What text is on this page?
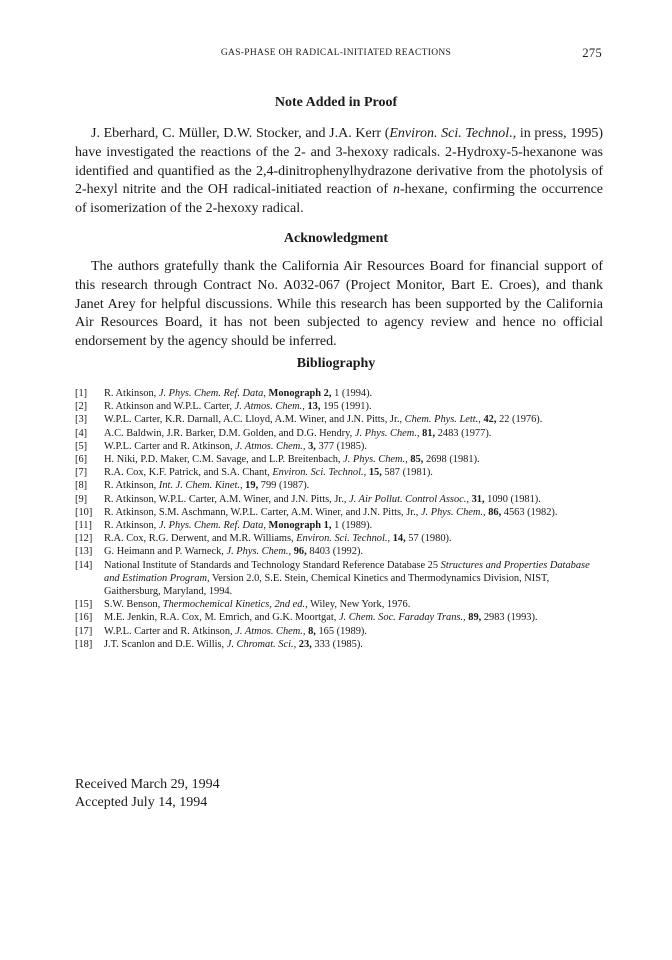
GAS-PHASE OH RADICAL-INITIATED REACTIONS	275
Note Added in Proof

J. Eberhard, C. Müller, D.W. Stocker, and J.A. Kerr (Environ. Sci. Technol., in press, 1995) have investigated the reactions of the 2- and 3-hexoxy radicals. 2-Hydroxy-5-hexanone was identified and quantified as the 2,4-dinitrophenylhydrazone derivative from the photolysis of 2-hexyl nitrite and the OH radical-initiated reaction of n-hexane, confirming the occurrence of isomerization of the 2-hexoxy radical.

Acknowledgment

The authors gratefully thank the California Air Resources Board for financial support of this research through Contract No. A032-067 (Project Monitor, Bart E. Croes), and thank Janet Arey for helpful discussions. While this research has been supported by the California Air Resources Board, it has not been subjected to agency review and hence no official endorsement by the agency should be inferred.

Bibliography
[1]	R. Atkinson, J. Phys. Chem. Ref. Data, Monograph 2, 1 (1994).
[2]	R. Atkinson and W.P.L. Carter, J. Atmos. Chem., 13, 195 (1991).
[3]	W.P.L. Carter, K.R. Darnall, A.C. Lloyd, A.M. Winer, and J.N. Pitts, Jr., Chem. Phys. Lett., 42, 22 (1976).
[4]	A.C. Baldwin, J.R. Barker, D.M. Golden, and D.G. Hendry, J. Phys. Chem., 81, 2483 (1977).
[5]	W.P.L. Carter and R. Atkinson, J. Atmos. Chem., 3, 377 (1985).
[6]	H. Niki, P.D. Maker, C.M. Savage, and L.P. Breitenbach, J. Phys. Chem., 85, 2698 (1981).
[7]	R.A. Cox, K.F. Patrick, and S.A. Chant, Environ. Sci. Technol., 15, 587 (1981).
[8]	R. Atkinson, Int. J. Chem. Kinet., 19, 799 (1987).
[9]	R. Atkinson, W.P.L. Carter, A.M. Winer, and J.N. Pitts, Jr., J. Air Pollut. Control Assoc., 31, 1090 (1981).
[10]	R. Atkinson, S.M. Aschmann, W.P.L. Carter, A.M. Winer, and J.N. Pitts, Jr., J. Phys. Chem., 86, 4563 (1982).
[11]	R. Atkinson, J. Phys. Chem. Ref. Data, Monograph 1, 1 (1989).
[12]	R.A. Cox, R.G. Derwent, and M.R. Williams, Environ. Sci. Technol., 14, 57 (1980).
[13]	G. Heimann and P. Warneck, J. Phys. Chem., 96, 8403 (1992).
[14]	National Institute of Standards and Technology Standard Reference Database 25 Structures and Properties Database and Estimation Program, Version 2.0, S.E. Stein, Chemical Kinetics and Thermodynamics Division, NIST, Gaithersburg, Maryland, 1994.
[15]	S.W. Benson, Thermochemical Kinetics, 2nd ed., Wiley, New York, 1976.
[16]	M.E. Jenkin, R.A. Cox, M. Emrich, and G.K. Moortgat, J. Chem. Soc. Faraday Trans., 89, 2983 (1993).
[17]	W.P.L. Carter and R. Atkinson, J. Atmos. Chem., 8, 165 (1989).
[18]	J.T. Scanlon and D.E. Willis, J. Chromat. Sci., 23, 333 (1985).
Received March 29, 1994
Accepted July 14, 1994
